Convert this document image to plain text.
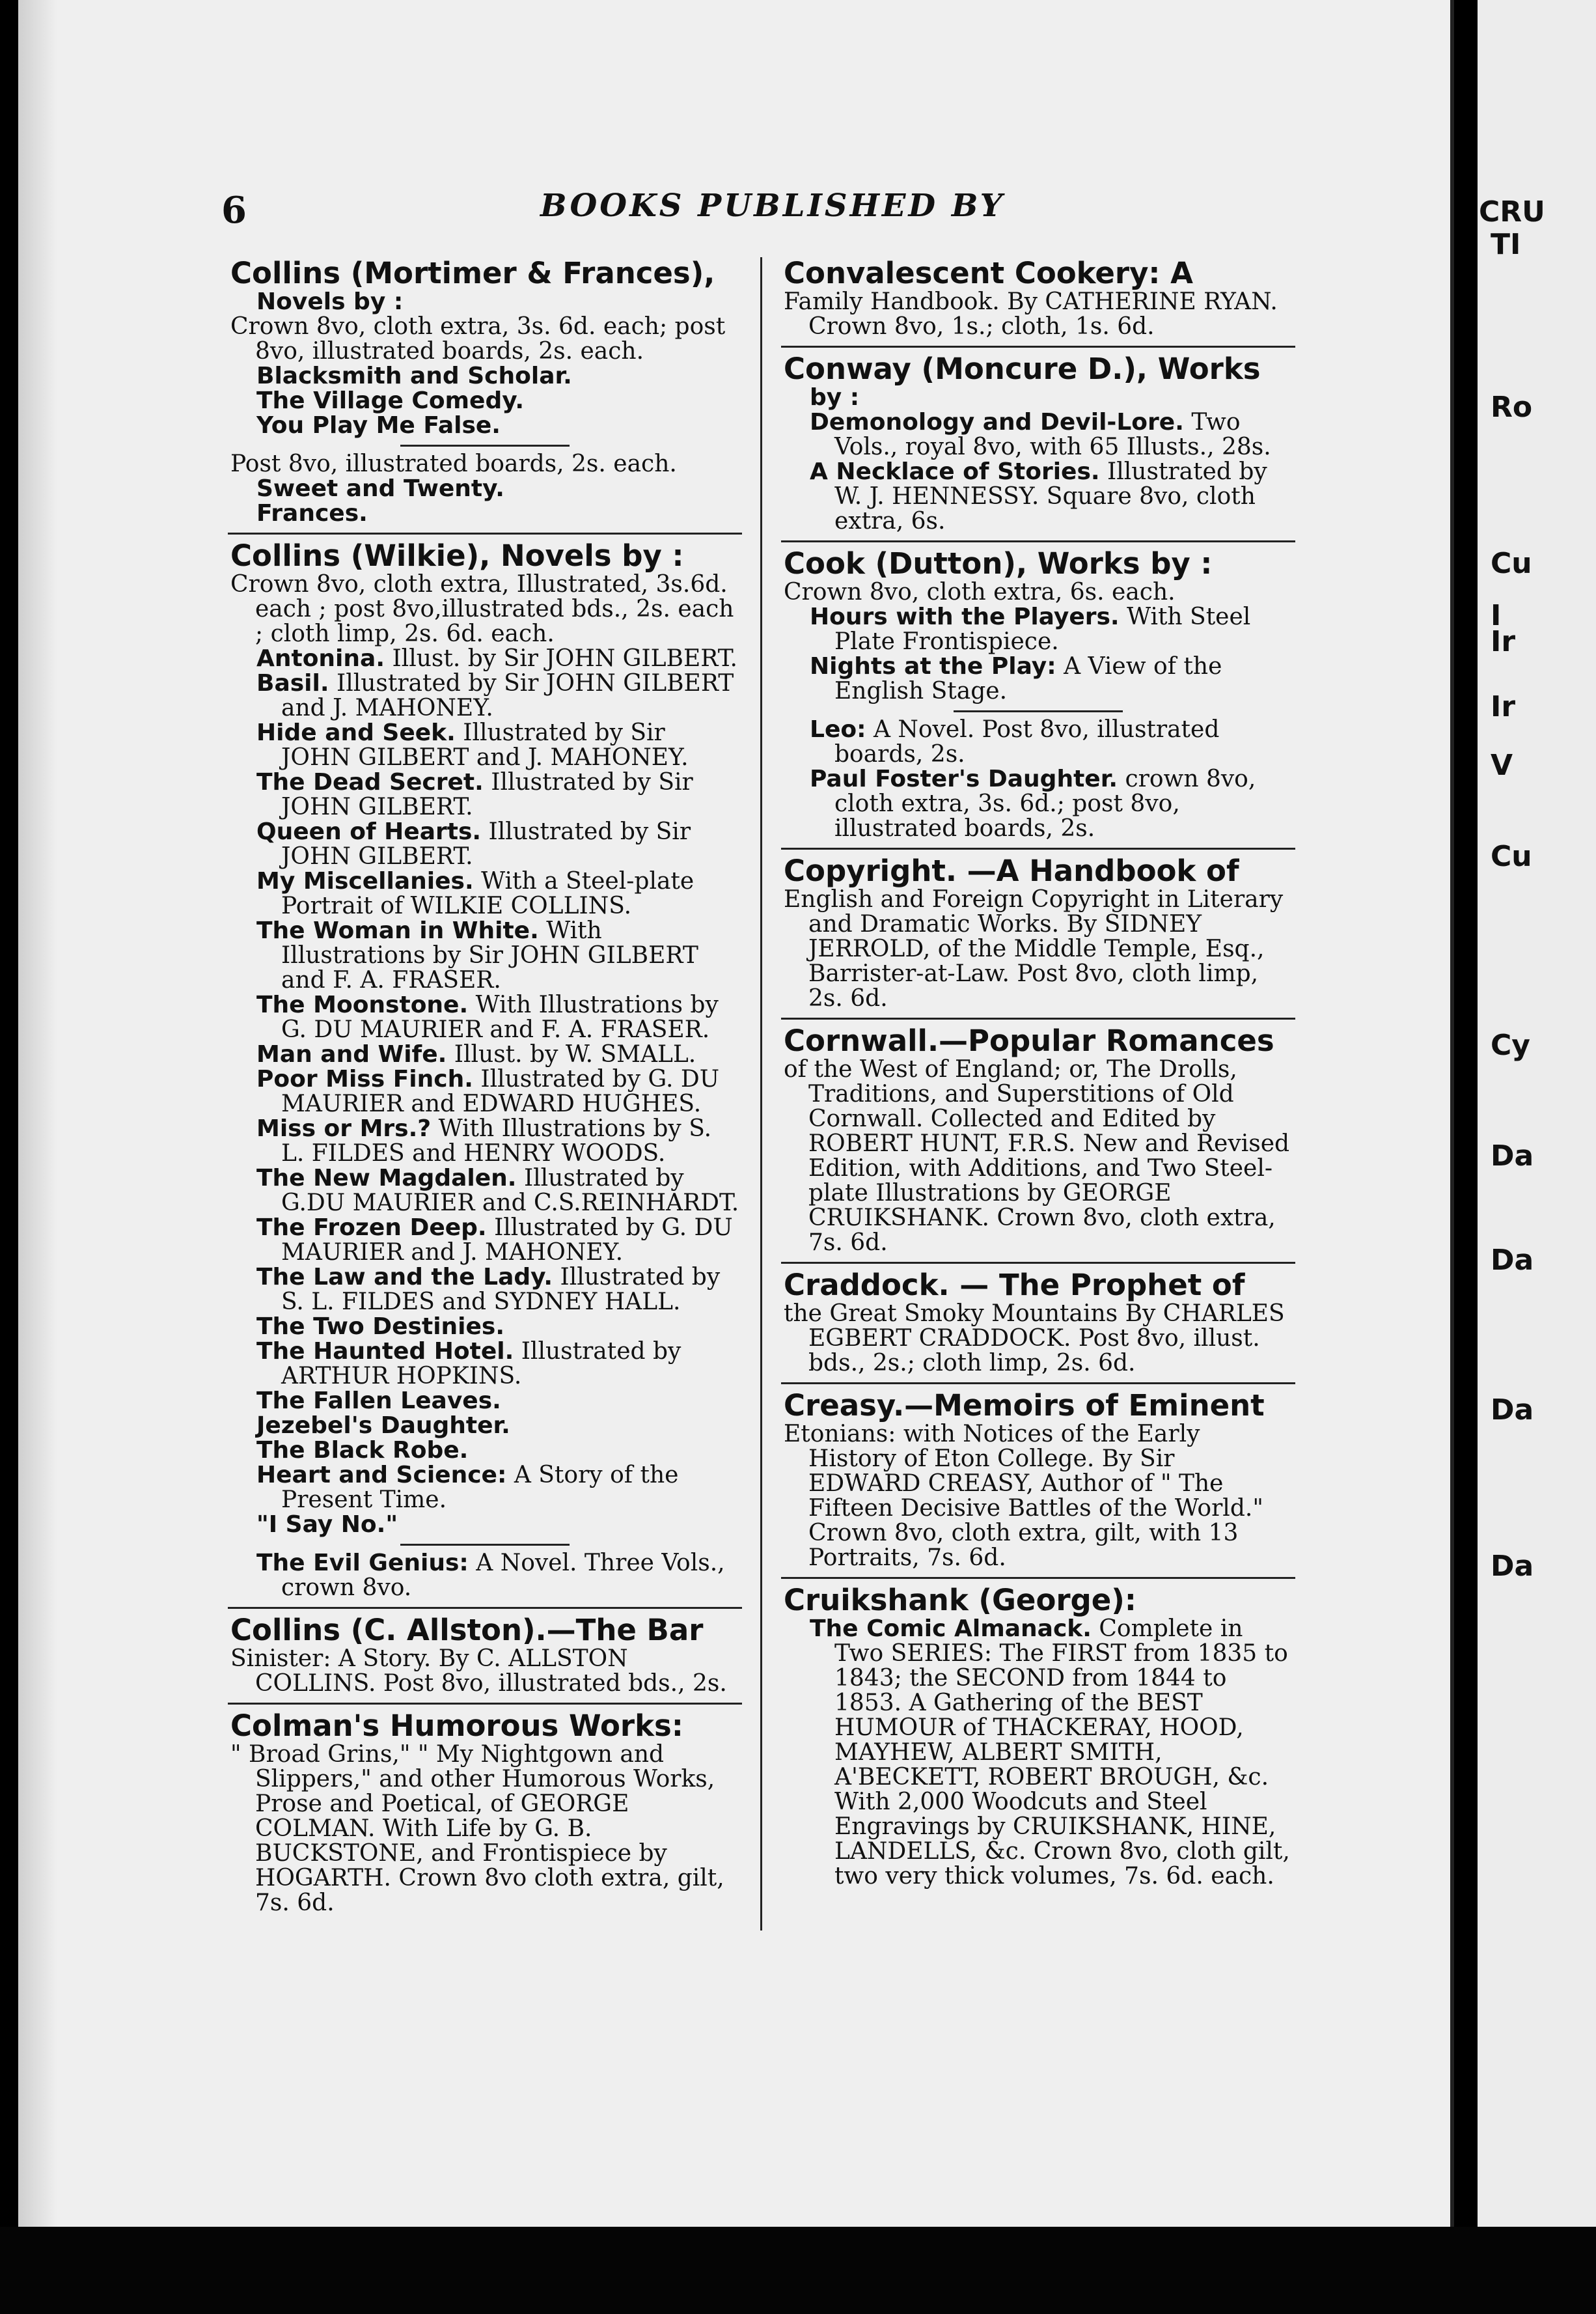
6	BOOKS PUBLISHED BY
Collins (Mortimer & Frances),
Novels by :
Crown 8vo, cloth extra, 3s. 6d. each; post 8vo, illustrated boards, 2s. each.
Blacksmith and Scholar.
The Village Comedy.
You Play Me False.
Post 8vo, illustrated boards, 2s. each.
Sweet and Twenty.
Frances.
Collins (Wilkie), Novels by :
Crown 8vo, cloth extra, Illustrated, 3s.6d. each ; post 8vo,illustrated bds., 2s. each ; cloth limp, 2s. 6d. each.
Antonina. Illust. by Sir JOHN GILBERT.
Basil. Illustrated by Sir JOHN GILBERT and J. MAHONEY.
Hide and Seek. Illustrated by Sir JOHN GILBERT and J. MAHONEY.
The Dead Secret. Illustrated by Sir JOHN GILBERT.
Queen of Hearts. Illustrated by Sir JOHN GILBERT.
My Miscellanies. With a Steel-plate Portrait of WILKIE COLLINS.
The Woman in White. With Illustrations by Sir JOHN GILBERT and F. A. FRASER.
The Moonstone. With Illustrations by G. DU MAURIER and F. A. FRASER.
Man and Wife. Illust. by W. SMALL.
Poor Miss Finch. Illustrated by G. DU MAURIER and EDWARD HUGHES.
Miss or Mrs.? With Illustrations by S. L. FILDES and HENRY WOODS.
The New Magdalen. Illustrated by G.DU MAURIER and C.S.REINHARDT.
The Frozen Deep. Illustrated by G. DU MAURIER and J. MAHONEY.
The Law and the Lady. Illustrated by S. L. FILDES and SYDNEY HALL.
The Two Destinies.
The Haunted Hotel. Illustrated by ARTHUR HOPKINS.
The Fallen Leaves.
Jezebel's Daughter.
The Black Robe.
Heart and Science: A Story of the Present Time.
"I Say No."
The Evil Genius: A Novel. Three Vols., crown 8vo.
Collins (C. Allston).—The Bar
Sinister: A Story. By C. ALLSTON COLLINS. Post 8vo, illustrated bds., 2s.
Colman's Humorous Works:
" Broad Grins," " My Nightgown and Slippers," and other Humorous Works, Prose and Poetical, of GEORGE COLMAN. With Life by G. B. BUCKSTONE, and Frontispiece by HOGARTH. Crown 8vo cloth extra, gilt, 7s. 6d.
Convalescent Cookery: A
Family Handbook. By CATHERINE RYAN. Crown 8vo, 1s.; cloth, 1s. 6d.
Conway (Moncure D.), Works
by :
Demonology and Devil-Lore. Two Vols., royal 8vo, with 65 Illusts., 28s.
A Necklace of Stories. Illustrated by W. J. HENNESSY. Square 8vo, cloth extra, 6s.
Cook (Dutton), Works by :
Crown 8vo, cloth extra, 6s. each.
Hours with the Players. With Steel Plate Frontispiece.
Nights at the Play: A View of the English Stage.
Leo: A Novel. Post 8vo, illustrated boards, 2s.
Paul Foster's Daughter. crown 8vo, cloth extra, 3s. 6d.; post 8vo, illustrated boards, 2s.
Copyright. —A Handbook of
English and Foreign Copyright in Literary and Dramatic Works. By SIDNEY JERROLD, of the Middle Temple, Esq., Barrister-at-Law. Post 8vo, cloth limp, 2s. 6d.
Cornwall.—Popular Romances
of the West of England; or, The Drolls, Traditions, and Superstitions of Old Cornwall. Collected and Edited by ROBERT HUNT, F.R.S. New and Revised Edition, with Additions, and Two Steel-plate Illustrations by GEORGE CRUIKSHANK. Crown 8vo, cloth extra, 7s. 6d.
Craddock. — The Prophet of
the Great Smoky Mountains By CHARLES EGBERT CRADDOCK. Post 8vo, illust. bds., 2s.; cloth limp, 2s. 6d.
Creasy.—Memoirs of Eminent
Etonians: with Notices of the Early History of Eton College. By Sir EDWARD CREASY, Author of " The Fifteen Decisive Battles of the World." Crown 8vo, cloth extra, gilt, with 13 Portraits, 7s. 6d.
Cruikshank (George):
The Comic Almanack. Complete in Two SERIES: The FIRST from 1835 to 1843; the SECOND from 1844 to 1853. A Gathering of the BEST HUMOUR of THACKERAY, HOOD, MAYHEW, ALBERT SMITH, A'BECKETT, ROBERT BROUGH, &c. With 2,000 Woodcuts and Steel Engravings by CRUIKSHANK, HINE, LANDELLS, &c. Crown 8vo, cloth gilt, two very thick volumes, 7s. 6d. each.
CRU
TI
Ro
Cu
I
Ir
Ir
V
Cu
Cy
Da
Da
Da
Da
